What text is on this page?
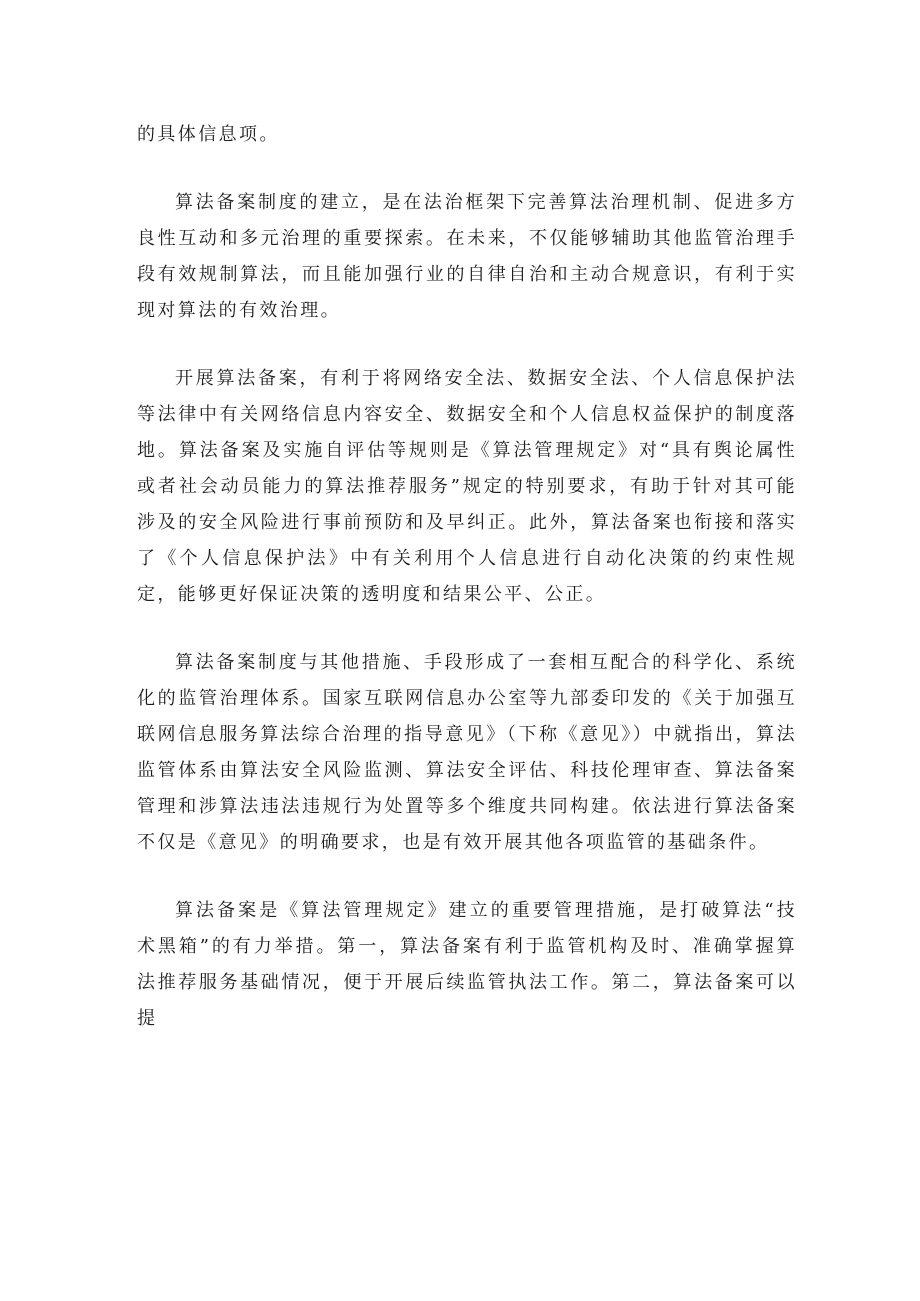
的具体信息项。

算法备案制度的建立，是在法治框架下完善算法治理机制、促进多方良性互动和多元治理的重要探索。在未来，不仅能够辅助其他监管治理手段有效规制算法，而且能加强行业的自律自治和主动合规意识，有利于实现对算法的有效治理。

开展算法备案，有利于将网络安全法、数据安全法、个人信息保护法等法律中有关网络信息内容安全、数据安全和个人信息权益保护的制度落地。算法备案及实施自评估等规则是《算法管理规定》对“具有舆论属性或者社会动员能力的算法推荐服务”规定的特别要求，有助于针对其可能涉及的安全风险进行事前预防和及早纠正。此外，算法备案也衔接和落实了《个人信息保护法》中有关利用个人信息进行自动化决策的约束性规定，能够更好保证决策的透明度和结果公平、公正。

算法备案制度与其他措施、手段形成了一套相互配合的科学化、系统化的监管治理体系。国家互联网信息办公室等九部委印发的《关于加强互联网信息服务算法综合治理的指导意见》（下称《意见》）中就指出，算法监管体系由算法安全风险监测、算法安全评估、科技伦理审查、算法备案管理和涉算法违法违规行为处置等多个维度共同构建。依法进行算法备案不仅是《意见》的明确要求，也是有效开展其他各项监管的基础条件。

算法备案是《算法管理规定》建立的重要管理措施，是打破算法“技术黑箱”的有力举措。第一，算法备案有利于监管机构及时、准确掌握算法推荐服务基础情况，便于开展后续监管执法工作。第二，算法备案可以提
